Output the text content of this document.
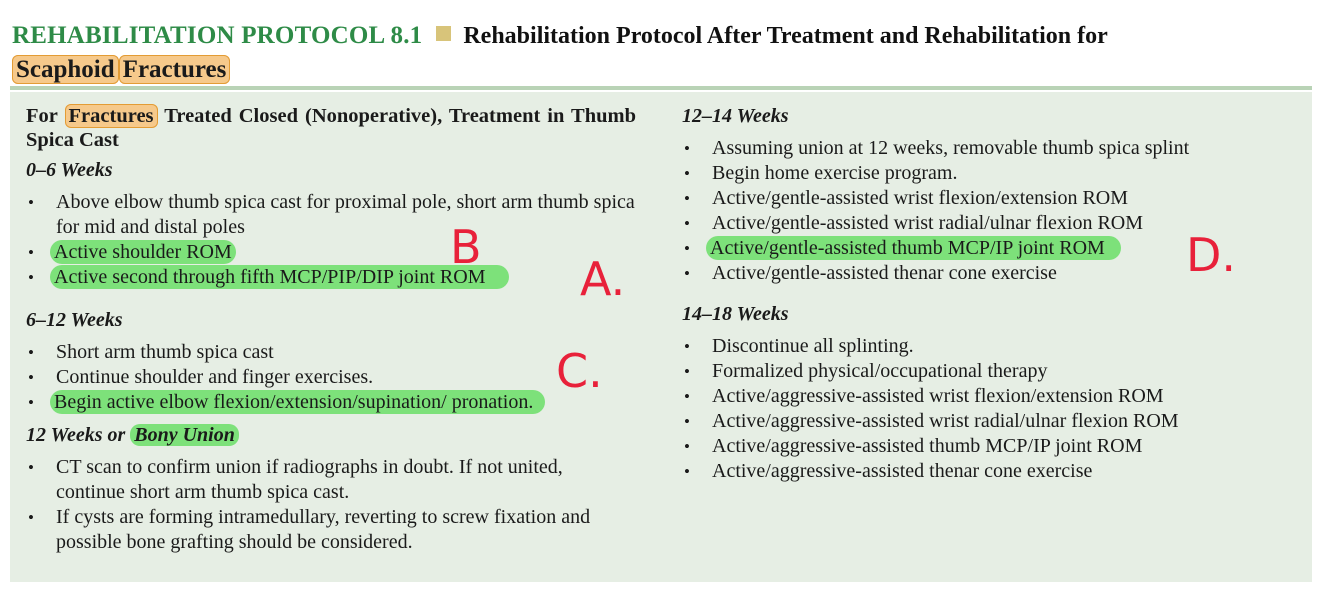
REHABILITATION PROTOCOL 8.1 Rehabilitation Protocol After Treatment and Rehabilitation for
Scaphoid Fractures
For Fractures Treated Closed (Nonoperative), Treatment in Thumb Spica Cast
0–6 Weeks
• Above elbow thumb spica cast for proximal pole, short arm thumb spica for mid and distal poles
• Active shoulder ROM
• Active second through fifth MCP/PIP/DIP joint ROM
6–12 Weeks
• Short arm thumb spica cast
• Continue shoulder and finger exercises.
• Begin active elbow flexion/extension/supination/ pronation.
12 Weeks or Bony Union
• CT scan to confirm union if radiographs in doubt. If not united, continue short arm thumb spica cast.
• If cysts are forming intramedullary, reverting to screw fixation and possible bone grafting should be considered.
12–14 Weeks
• Assuming union at 12 weeks, removable thumb spica splint
• Begin home exercise program.
• Active/gentle-assisted wrist flexion/extension ROM
• Active/gentle-assisted wrist radial/ulnar flexion ROM
• Active/gentle-assisted thumb MCP/IP joint ROM
• Active/gentle-assisted thenar cone exercise
14–18 Weeks
• Discontinue all splinting.
• Formalized physical/occupational therapy
• Active/aggressive-assisted wrist flexion/extension ROM
• Active/aggressive-assisted wrist radial/ulnar flexion ROM
• Active/aggressive-assisted thumb MCP/IP joint ROM
• Active/aggressive-assisted thenar cone exercise
B
A.
C.
D.
